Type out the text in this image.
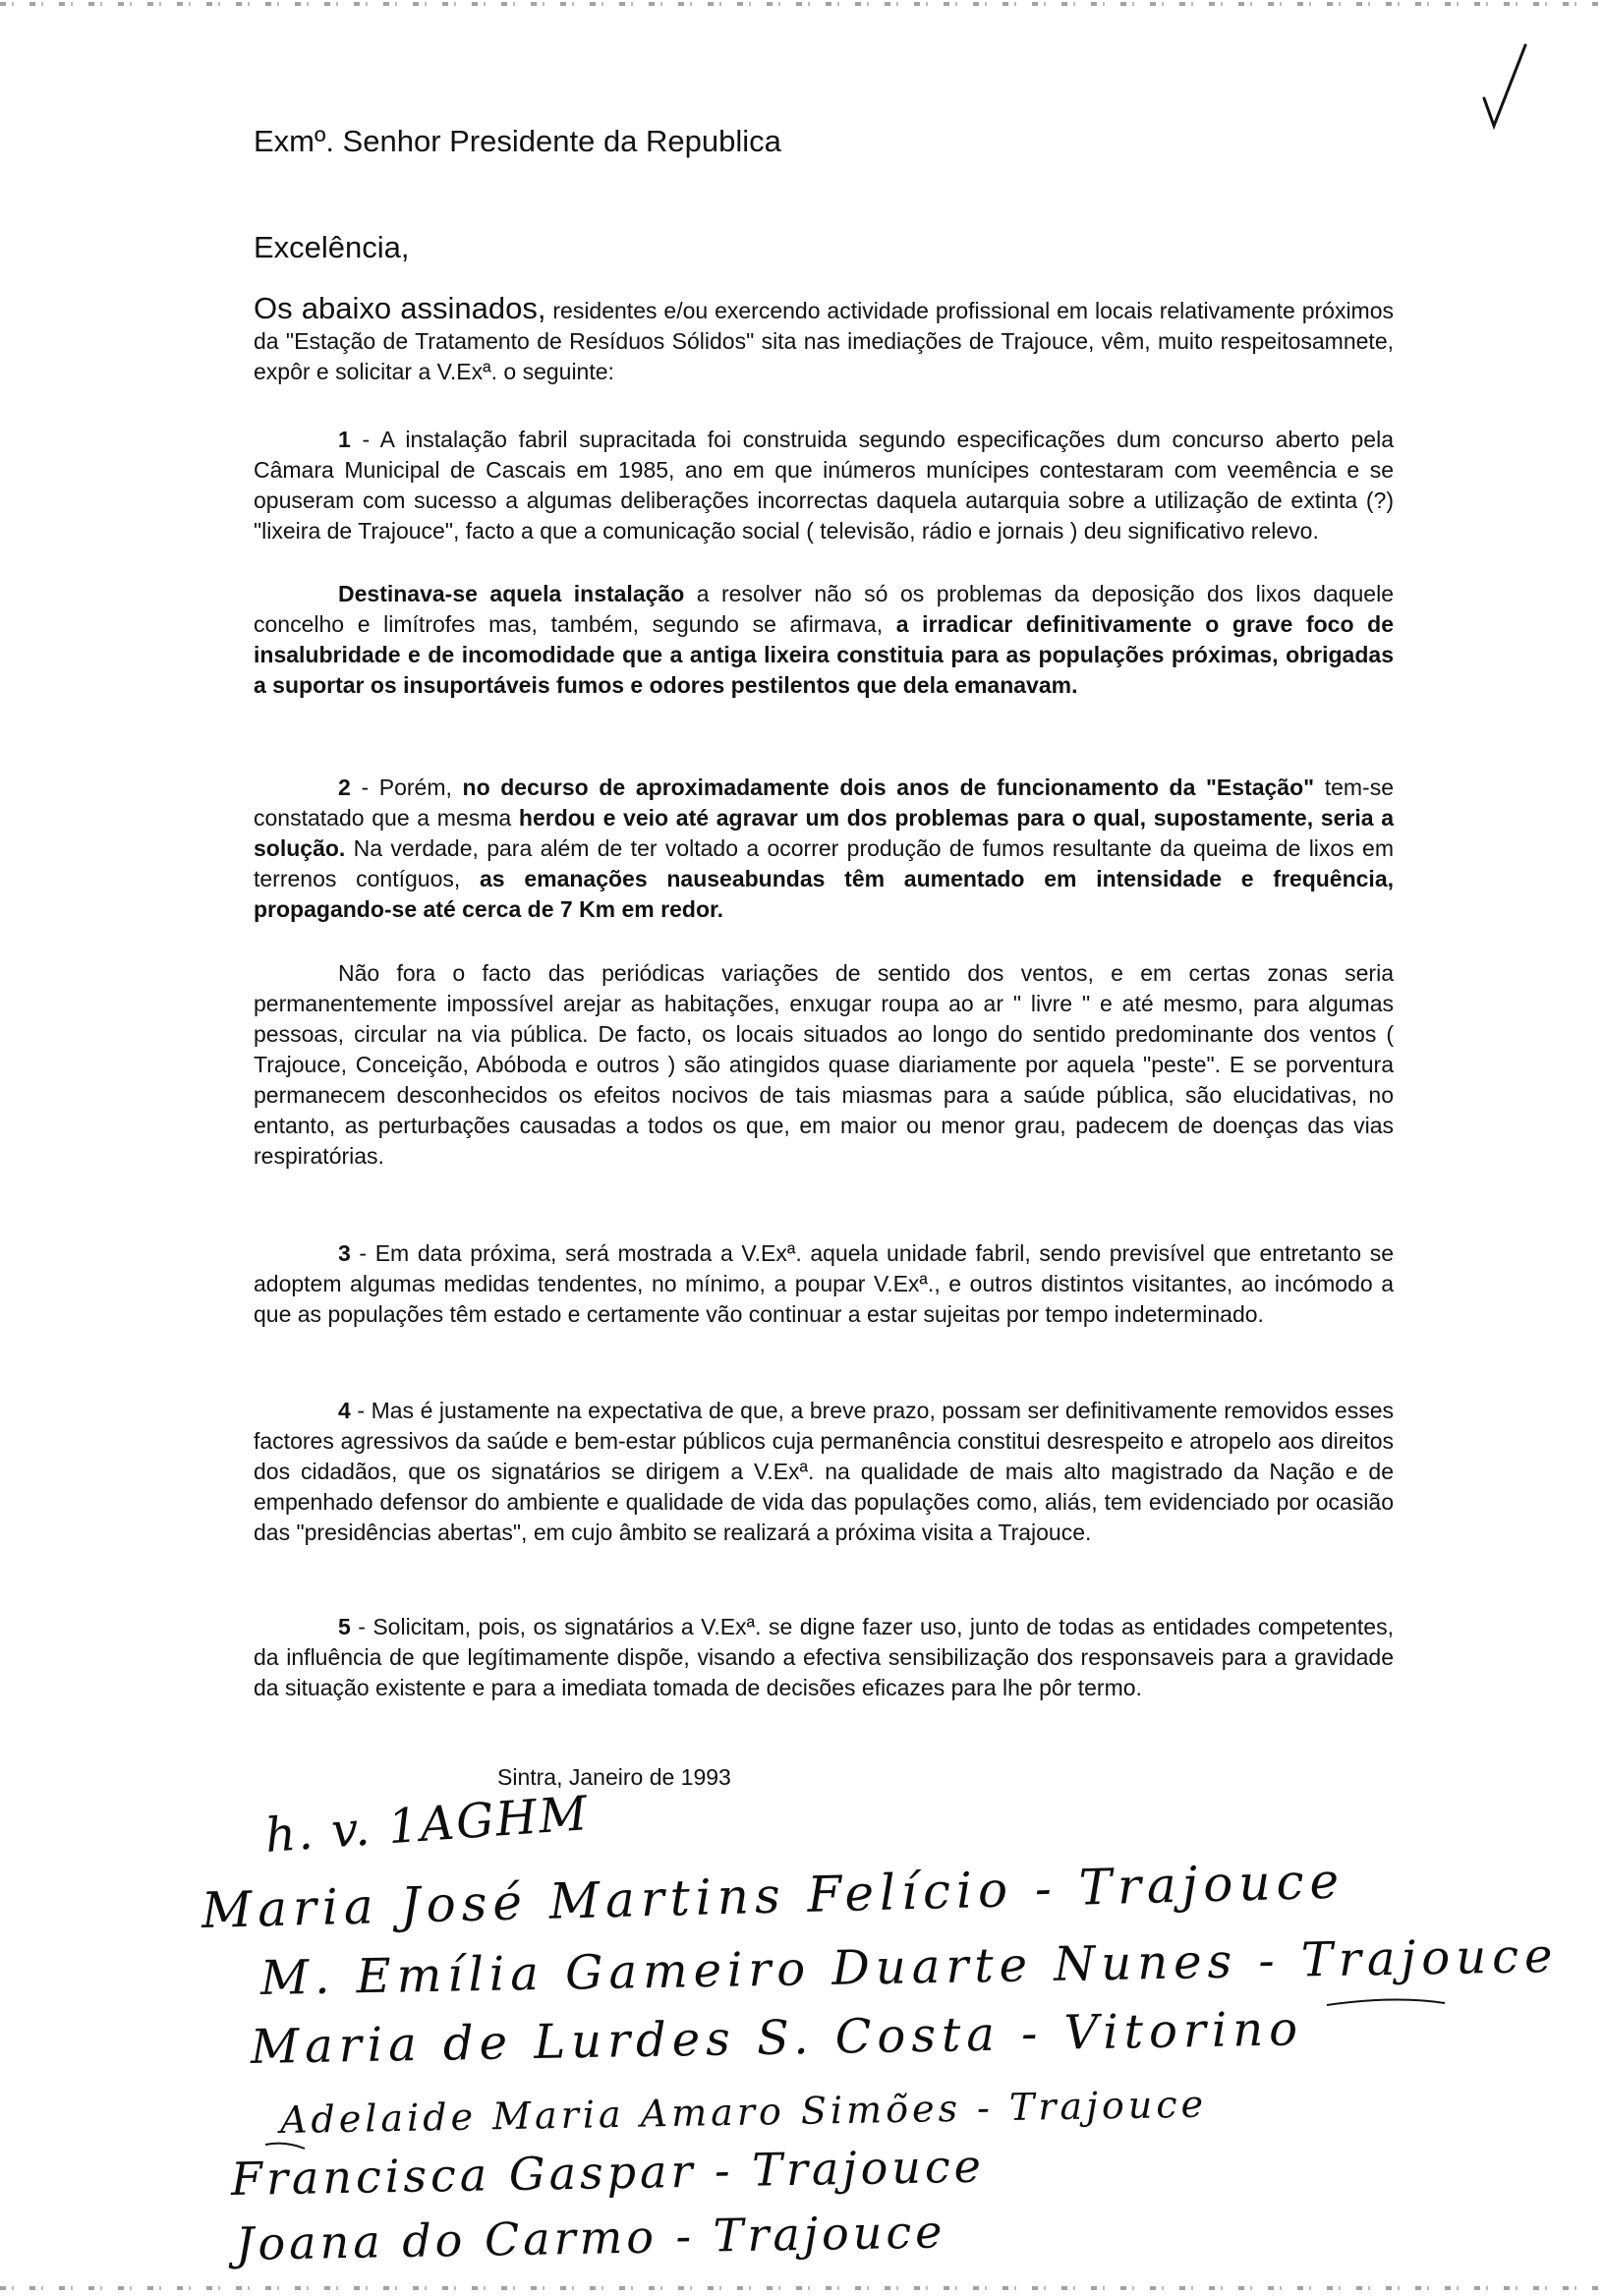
Exmº. Senhor Presidente da Republica
Excelência,

Os abaixo assinados, residentes e/ou exercendo actividade profissional em locais relativamente próximos da "Estação de Tratamento de Resíduos Sólidos" sita nas imediações de Trajouce, vêm, muito respeitosamnete, expôr e solicitar a V.Exª. o seguinte:

1 - A instalação fabril supracitada foi construida segundo especificações dum concurso aberto pela Câmara Municipal de Cascais em 1985, ano em que inúmeros munícipes contestaram com veemência e se opuseram com sucesso a algumas deliberações incorrectas daquela autarquia sobre a utilização de extinta (?) "lixeira de Trajouce", facto a que a comunicação social ( televisão, rádio e jornais ) deu significativo relevo.

Destinava-se aquela instalação a resolver não só os problemas da deposição dos lixos daquele concelho e limítrofes mas, também, segundo se afirmava, a irradicar definitivamente o grave foco de insalubridade e de incomodidade que a antiga lixeira constituia para as populações próximas, obrigadas a suportar os insuportáveis fumos e odores pestilentos que dela emanavam.

2 - Porém, no decurso de aproximadamente dois anos de funcionamento da "Estação" tem-se constatado que a mesma herdou e veio até agravar um dos problemas para o qual, supostamente, seria a solução. Na verdade, para além de ter voltado a ocorrer produção de fumos resultante da queima de lixos em terrenos contíguos, as emanações nauseabundas têm aumentado em intensidade e frequência, propagando-se até cerca de 7 Km em redor.

Não fora o facto das periódicas variações de sentido dos ventos, e em certas zonas seria permanentemente impossível arejar as habitações, enxugar roupa ao ar " livre " e até mesmo, para algumas pessoas, circular na via pública. De facto, os locais situados ao longo do sentido predominante dos ventos ( Trajouce, Conceição, Abóboda e outros ) são atingidos quase diariamente por aquela "peste". E se porventura permanecem desconhecidos os efeitos nocivos de tais miasmas para a saúde pública, são elucidativas, no entanto, as perturbações causadas a todos os que, em maior ou menor grau, padecem de doenças das vias respiratórias.

3 - Em data próxima, será mostrada a V.Exª. aquela unidade fabril, sendo previsível que entretanto se adoptem algumas medidas tendentes, no mínimo, a poupar V.Exª., e outros distintos visitantes, ao incómodo a que as populações têm estado e certamente vão continuar a estar sujeitas por tempo indeterminado.

4 - Mas é justamente na expectativa de que, a breve prazo, possam ser definitivamente removidos esses factores agressivos da saúde e bem-estar públicos cuja permanência constitui desrespeito e atropelo aos direitos dos cidadãos, que os signatários se dirigem a V.Exª. na qualidade de mais alto magistrado da Nação e de empenhado defensor do ambiente e qualidade de vida das populações como, aliás, tem evidenciado por ocasião das "presidências abertas", em cujo âmbito se realizará a próxima visita a Trajouce.

5 - Solicitam, pois, os signatários a V.Exª. se digne fazer uso, junto de todas as entidades competentes, da influência de que legítimamente dispõe, visando a efectiva sensibilização dos responsaveis para a gravidade da situação existente e para a imediata tomada de decisões eficazes para lhe pôr termo.

Sintra, Janeiro de 1993
h. v. 1AGHM
Maria José Martins Felício - Trajouce
M. Emília Gameiro Duarte Nunes - Trajouce
Maria de Lurdes S. Costa - Vitorino
Adelaide Maria Amaro Simões - Trajouce
Francisca Gaspar - Trajouce
Joana do Carmo - Trajouce
